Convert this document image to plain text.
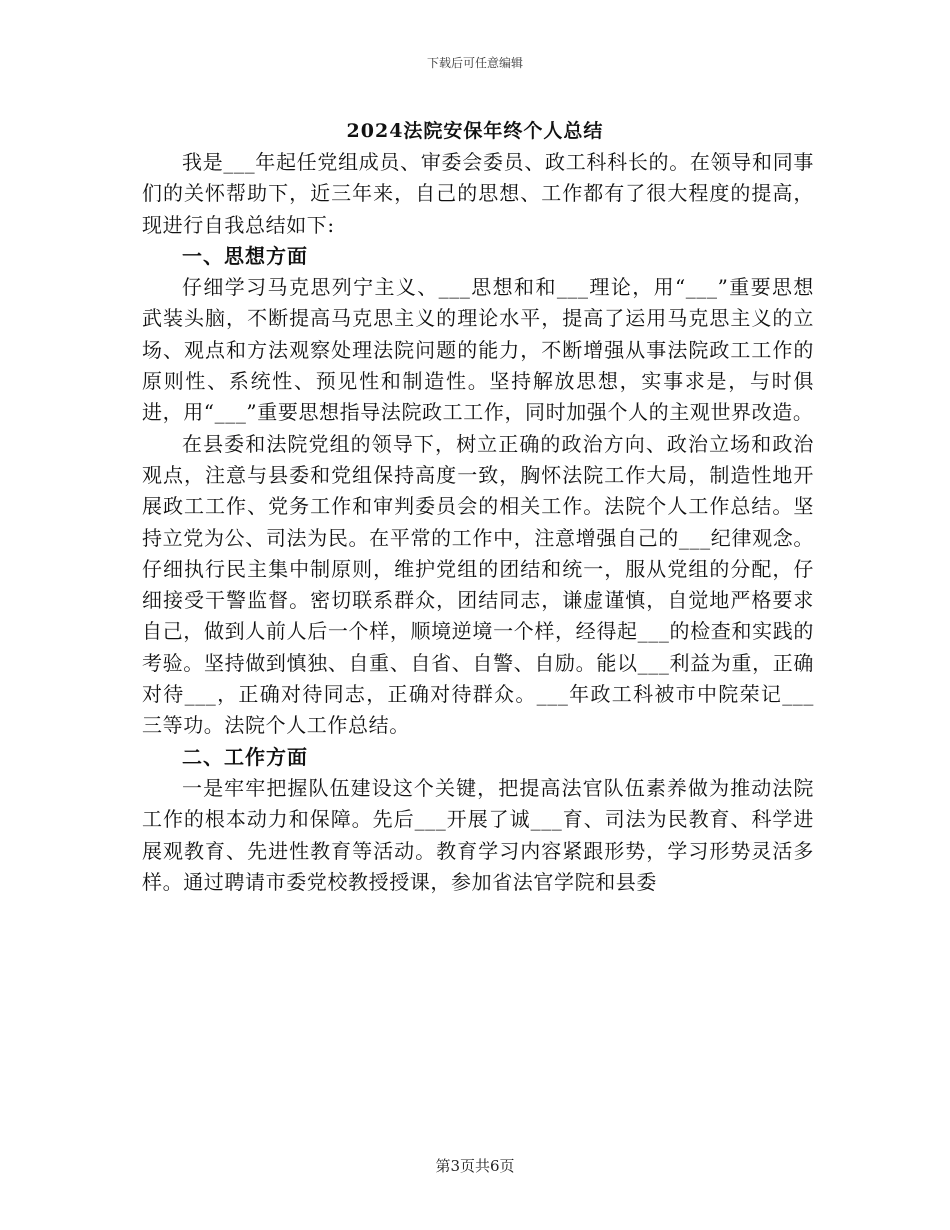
下载后可任意编辑
2024法院安保年终个人总结

我是___年起任党组成员、审委会委员、政工科科长的。在领导和同事们的关怀帮助下，近三年来，自己的思想、工作都有了很大程度的提高，现进行自我总结如下:

一、思想方面

仔细学习马克思列宁主义、___思想和和___理论，用“___”重要思想武装头脑，不断提高马克思主义的理论水平，提高了运用马克思主义的立场、观点和方法观察处理法院问题的能力，不断增强从事法院政工工作的原则性、系统性、预见性和制造性。坚持解放思想，实事求是，与时俱进，用“___”重要思想指导法院政工工作，同时加强个人的主观世界改造。

在县委和法院党组的领导下，树立正确的政治方向、政治立场和政治观点，注意与县委和党组保持高度一致，胸怀法院工作大局，制造性地开展政工工作、党务工作和审判委员会的相关工作。法院个人工作总结。坚持立党为公、司法为民。在平常的工作中，注意增强自己的___纪律观念。仔细执行民主集中制原则，维护党组的团结和统一，服从党组的分配，仔细接受干警监督。密切联系群众，团结同志，谦虚谨慎，自觉地严格要求自己，做到人前人后一个样，顺境逆境一个样，经得起___的检查和实践的考验。坚持做到慎独、自重、自省、自警、自励。能以___利益为重，正确对待___，正确对待同志，正确对待群众。___年政工科被市中院荣记___三等功。法院个人工作总结。

二、工作方面

一是牢牢把握队伍建设这个关键，把提高法官队伍素养做为推动法院工作的根本动力和保障。先后___开展了诚___育、司法为民教育、科学进展观教育、先进性教育等活动。教育学习内容紧跟形势，学习形势灵活多样。通过聘请市委党校教授授课，参加省法官学院和县委

第3页共6页
